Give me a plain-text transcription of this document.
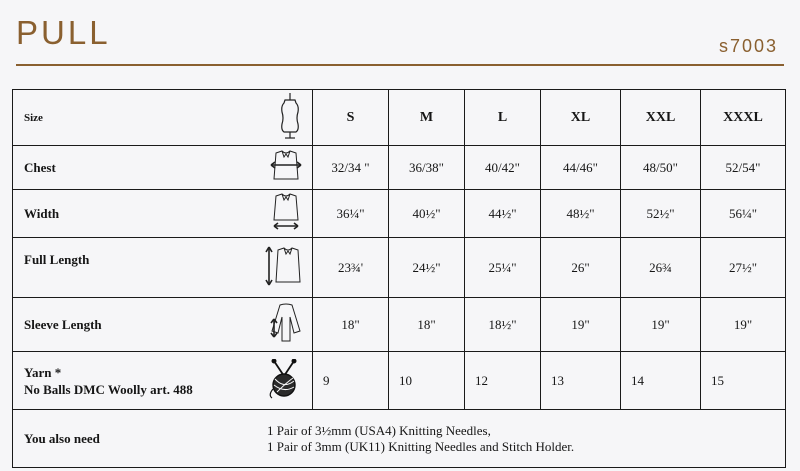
PULL	s7003
Size	S	M	L	XL	XXL	XXXL

Chest	32/34 "	36/38"	40/42"	44/46"	48/50"	52/54"

Width	36¼"	40½"	44½"	48½"	52½"	56¼"

Full Length	23¾'	24½"	25¼"	26"	26¾	27½"

Sleeve Length	18"	18"	18½"	19"	19"	19"

Yarn *
No Balls DMC Woolly art. 488	9	10	12	13	14	15

You also need
1 Pair of 3½mm (USA4) Knitting Needles,
1 Pair of 3mm (UK11) Knitting Needles and Stitch Holder.						
